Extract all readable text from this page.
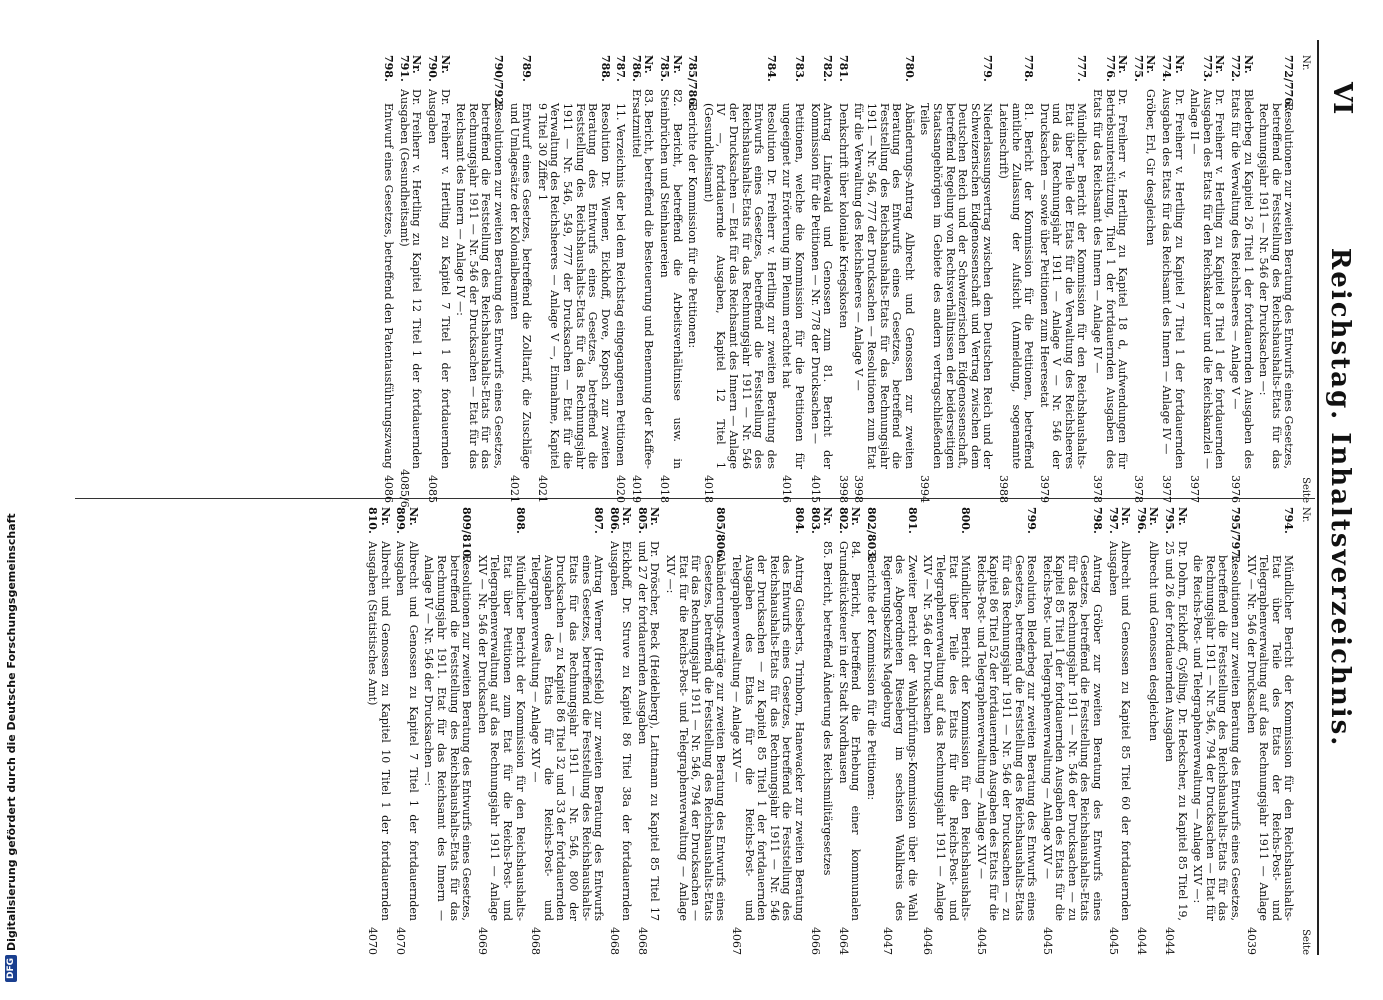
VI
Reichstag. Inhaltsverzeichnis.
Nr.
Seite
772/776.
Resolutionen zur zweiten Beratung des Entwurfs eines Gesetzes, betreffend die Feststellung des Reichshaushalts-Etats für das Rechnungsjahr 1911 — Nr. 546 der Drucksachen —:
Nr. 772.
Blederbeg zu Kapitel 26 Titel 1 der fortdauernden Ausgaben des Etats für die Verwaltung des Reichsheeres — Anlage V —
3976
Nr. 773.
Dr. Freiherr v. Hertling zu Kapitel 8 Titel 1 der fortdauernden Ausgaben des Etats für den Reichskanzler und die Reichskanzlei — Anlage II —
3977
Nr. 774.
Dr. Freiherr v. Hertling zu Kapitel 7 Titel 1 der fortdauernden Ausgaben des Etats für das Reichsamt des Innern — Anlage IV —
3977
Nr. 775.
Gröber, Erl, Gir desgleichen
3978
Nr. 776.
Dr. Freiherr v. Hertling zu Kapitel 18 d, Aufwendungen für Betriebsunterstützung, Titel 1 der fortdauernden Ausgaben des Etats für das Reichsamt des Innern — Anlage IV —
3978
777.
Mündlicher Bericht der Kommission für den Reichshaushalts-Etat über Teile der Etats für die Verwaltung des Reichsheeres und das Rechnungsjahr 1911 — Anlage V — Nr. 546 der Drucksachen — sowie über Petitionen zum Heeresetat
3979
778.
81. Bericht der Kommission für die Petitionen, betreffend amtliche Zulassung der Aufsicht (Anmeldung, sogenannte Lateinschrift)
3988
779.
Niederlassungsvertrag zwischen dem Deutschen Reich und der Schweizerischen Eidgenossenschaft und Vertrag zwischen dem Deutschen Reich und der Schweizerischen Eidgenossenschaft, betreffend Regelung von Rechtsverhältnissen der beiderseitigen Staatsangehörigen im Gebiete des andern vertragschließenden Teiles
3994
780.
Abänderungs-Antrag Albrecht und Genossen zur zweiten Beratung des Entwurfs eines Gesetzes, betreffend die Feststellung des Reichshaushalts-Etats für das Rechnungsjahr 1911 — Nr. 546, 777 der Drucksachen — Resolutionen zum Etat für die Verwaltung des Reichsheeres — Anlage V —
3998
781.
Denkschrift über koloniale Kriegskosten
3998
782.
Antrag Lindewald und Genossen zum 81. Bericht der Kommission für die Petitionen — Nr. 778 der Drucksachen —
4015
783.
Petitionen, welche die Kommission für die Petitionen für ungeeignet zur Erörterung im Plenum erachtet hat
4016
784.
Resolution Dr. Freiherr v. Hertling zur zweiten Beratung des Entwurfs eines Gesetzes, betreffend die Feststellung des Reichshaushalts-Etats für das Rechnungsjahr 1911 — Nr. 546 der Drucksachen — Etat für das Reichsamt des Innern — Anlage IV —, fortdauernde Ausgaben, Kapitel 12 Titel 1 (Gesundheitsamt)
4018
785/786.
Berichte der Kommission für die Petitionen:
Nr. 785.
82. Bericht, betreffend die Arbeitsverhältnisse usw. in Steinbrüchen und Steinhauereien
4018
Nr. 786.
83. Bericht, betreffend die Besteuerung und Benennung der Kaffee-Ersatzmittel
4019
787.
11. Verzeichnis der bei dem Reichstag eingegangenen Petitionen
4020
788.
Resolution Dr. Wiemer, Eickhoff, Dove, Kopsch zur zweiten Beratung des Entwurfs eines Gesetzes, betreffend die Feststellung des Reichshaushalts-Etats für das Rechnungsjahr 1911 — Nr. 546, 549, 777 der Drucksachen — Etat für die Verwaltung des Reichsheeres — Anlage V —, Einnahme, Kapitel 9 Titel 30 Ziffer 1
4021
789.
Entwurf eines Gesetzes, betreffend die Zolltarif, die Zuschläge und Umlagesätze der Kolonialbeamten
4021
790/792.
Resolutionen zur zweiten Beratung des Entwurfs eines Gesetzes, betreffend die Feststellung des Reichshaushalts-Etats für das Rechnungsjahr 1911 — Nr. 546 der Drucksachen — Etat für das Reichsamt des Innern — Anlage IV —:
Nr. 790.
Dr. Freiherr v. Hertling zu Kapitel 7 Titel 1 der fortdauernden Ausgaben
4085
Nr. 791.
Dr. Freiherr v. Hertling zu Kapitel 12 Titel 1 der fortdauernden Ausgaben (Gesundheitsamt)
4085/6
798.
Entwurf eines Gesetzes, betreffend den Patentausführungszwang
4086
Nr.
Seite
794.
Mündlicher Bericht der Kommission für den Reichshaushalts-Etat über Teile des Etats der Reichs-Post- und Telegraphenverwaltung auf das Rechnungsjahr 1911 — Anlage XIV — Nr. 546 der Drucksachen
4039
795/797.
Resolutionen zur zweiten Beratung des Entwurfs eines Gesetzes, betreffend die Feststellung des Reichshaushalts-Etats für das Rechnungsjahr 1911 — Nr. 546, 794 der Drucksachen — Etat für die Reichs-Post- und Telegraphenverwaltung — Anlage XIV —:
Nr. 795.
Dr. Dohrn, Eickhoff, Gyßling, Dr. Heckscher, zu Kapitel 85 Titel 19, 25 und 26 der fortdauernden Ausgaben
4044
Nr. 796.
Albrecht und Genossen desgleichen
4044
Nr. 797.
Albrecht und Genossen zu Kapitel 85 Titel 60 der fortdauernden Ausgaben
4045
798.
Antrag Gröber zur zweiten Beratung des Entwurfs eines Gesetzes, betreffend die Feststellung des Reichshaushalts-Etats für das Rechnungsjahr 1911 — Nr. 546 der Drucksachen — zu Kapitel 85 Titel 1 der fortdauernden Ausgaben des Etats für die Reichs-Post- und Telegraphenverwaltung — Anlage XIV —
4045
799.
Resolution Blederbeg zur zweiten Beratung des Entwurfs eines Gesetzes, betreffend die Feststellung des Reichshaushalts-Etats für das Rechnungsjahr 1911 — Nr. 546 der Drucksachen — zu Kapitel 86 Titel 52 der fortdauernden Ausgaben des Etats für die Reichs-Post- und Telegraphenverwaltung — Anlage XIV —
4045
800.
Mündlicher Bericht der Kommission für den Reichshaushalts-Etat über Teile des Etats für die Reichs-Post- und Telegraphenverwaltung auf das Rechnungsjahr 1911 — Anlage XIV — Nr. 546 der Drucksachen
4046
801.
Zweiter Bericht der Wahlprüfungs-Kommission über die Wahl des Abgeordneten Rieseberg im sechsten Wahlkreis des Regierungsbezirks Magdeburg
4047
802/803.
Berichte der Kommission für die Petitionen:
Nr. 802.
84. Bericht, betreffend die Erhebung einer kommunalen Grundstücksteuer in der Stadt Nordhausen
4064
Nr. 803.
85. Bericht, betreffend Änderung des Reichsmilitärgesetzes
4066
804.
Antrag Giesberts, Trimborn, Hanewacker zur zweiten Beratung des Entwurfs eines Gesetzes, betreffend die Feststellung des Reichshaushalts-Etats für das Rechnungsjahr 1911 — Nr. 546 der Drucksachen — zu Kapitel 85 Titel 1 der fortdauernden Ausgaben des Etats für die Reichs-Post- und Telegraphenverwaltung — Anlage XIV —
4067
805/806.
Abänderungs-Anträge zur zweiten Beratung des Entwurfs eines Gesetzes, betreffend die Feststellung des Reichshaushalts-Etats für das Rechnungsjahr 1911 — Nr. 546, 794 der Drucksachen — Etat für die Reichs-Post- und Telegraphenverwaltung — Anlage XIV —:
Nr. 805.
Dr. Dröscher, Beck (Heidelberg), Lattmann zu Kapitel 85 Titel 17 und 27 der fortdauernden Ausgaben
4068
Nr. 806.
Eickhoff, Dr. Struve zu Kapitel 86 Titel 38a der fortdauernden Ausgaben
4068
807.
Antrag Werner (Hersfeld) zur zweiten Beratung des Entwurfs eines Gesetzes, betreffend die Feststellung des Reichshaushalts-Etats für das Rechnungsjahr 1911 — Nr. 546, 800 der Drucksachen — zu Kapitel 86 Titel 32 und 33 der fortdauernden Ausgaben des Etats für die Reichs-Post- und Telegraphenverwaltung — Anlage XIV —
4068
808.
Mündlicher Bericht der Kommission für den Reichshaushalts-Etat über Petitionen zum Etat für die Reichs-Post- und Telegraphenverwaltung auf das Rechnungsjahr 1911 — Anlage XIV — Nr. 546 der Drucksachen
4069
809/810.
Resolutionen zur zweiten Beratung des Entwurfs eines Gesetzes, betreffend die Feststellung des Reichshaushalts-Etats für das Rechnungsjahr 1911. Etat für das Reichsamt des Innern — Anlage IV — Nr. 546 der Drucksachen —:
Nr. 809.
Albrecht und Genossen zu Kapitel 7 Titel 1 der fortdauernden Ausgaben
4070
Nr. 810.
Albrecht und Genossen zu Kapitel 10 Titel 1 der fortdauernden Ausgaben (Statistisches Amt)
4070
DFG
Digitalisierung gefördert durch die Deutsche Forschungsgemeinschaft
